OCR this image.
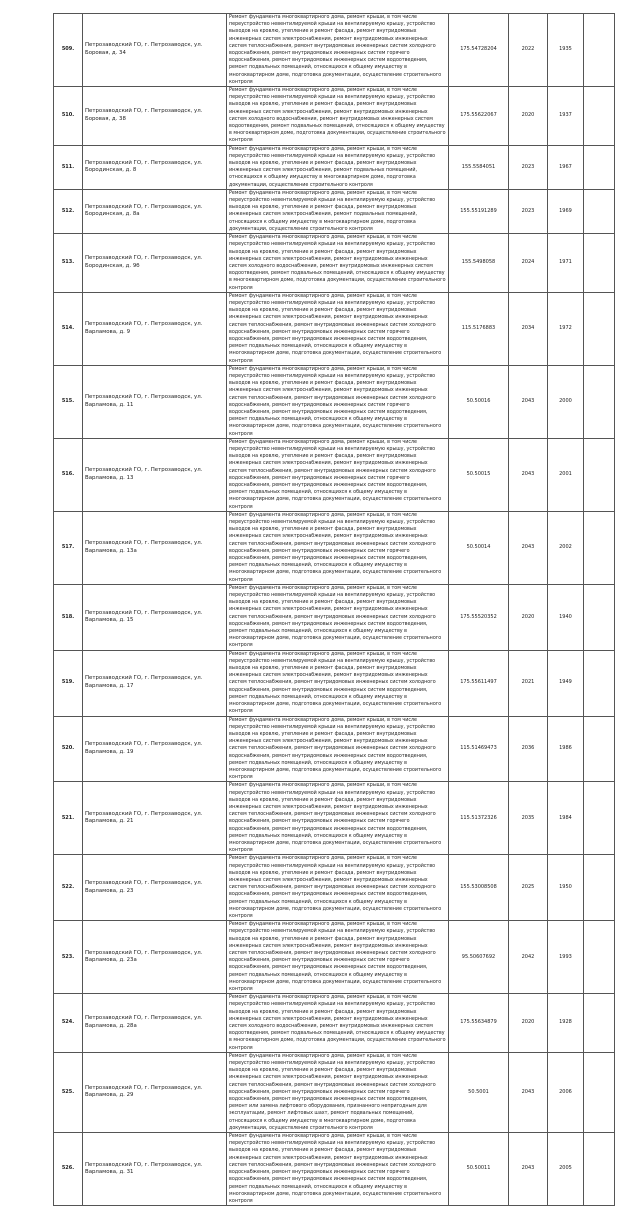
509.	Петрозаводский ГО, г. Петрозаводск, ул. Боровая, д. 34	Ремонт фундамента многоквартирного дома, ремонт крыши, в том числе переустройство невентилируемой крыши на вентилируемую крышу, устройство выходов на кровлю, утепление и ремонт фасада, ремонт внутридомовых инженерных систем электроснабжения, ремонт внутридомовых инженерных систем теплоснабжения, ремонт внутридомовых инженерных систем холодного водоснабжения, ремонт внутридомовых инженерных систем горячего водоснабжения, ремонт внутридомовых инженерных систем водоотведения, ремонт подвальных помещений, относящихся к общему имуществу в многоквартирном доме, подготовка документации, осуществление строительного контроля	175.54728204	2022	1935	
510.	Петрозаводский ГО, г. Петрозаводск, ул. Боровая, д. 38	Ремонт фундамента многоквартирного дома, ремонт крыши, в том числе переустройство невентилируемой крыши на вентилируемую крышу, устройство выходов на кровлю, утепление и ремонт фасада, ремонт внутридомовых инженерных систем электроснабжения, ремонт внутридомовых инженерных систем холодного водоснабжения, ремонт внутридомовых инженерных систем водоотведения, ремонт подвальных помещений, относящихся к общему имуществу в многоквартирном доме, подготовка документации, осуществление строительного контроля	175.55622067	2020	1937	
511.	Петрозаводский ГО, г. Петрозаводск, ул. Бородинская, д. 8	Ремонт фундамента многоквартирного дома, ремонт крыши, в том числе переустройство невентилируемой крыши на вентилируемую крышу, устройство выходов на кровлю, утепление и ремонт фасада, ремонт внутридомовых инженерных систем электроснабжения, ремонт подвальных помещений, относящихся к общему имуществу в многоквартирном доме, подготовка документации, осуществление строительного контроля	155.5584051	2023	1967	
512.	Петрозаводский ГО, г. Петрозаводск, ул. Бородинская, д. 8а	Ремонт фундамента многоквартирного дома, ремонт крыши, в том числе переустройство невентилируемой крыши на вентилируемую крышу, устройство выходов на кровлю, утепление и ремонт фасада, ремонт внутридомовых инженерных систем электроснабжения, ремонт подвальных помещений, относящихся к общему имуществу в многоквартирном доме, подготовка документации, осуществление строительного контроля	155.55191289	2023	1969	
513.	Петрозаводский ГО, г. Петрозаводск, ул. Бородинская, д. 9б	Ремонт фундамента многоквартирного дома, ремонт крыши, в том числе переустройство невентилируемой крыши на вентилируемую крышу, устройство выходов на кровлю, утепление и ремонт фасада, ремонт внутридомовых инженерных систем электроснабжения, ремонт внутридомовых инженерных систем холодного водоснабжения, ремонт внутридомовых инженерных систем водоотведения, ремонт подвальных помещений, относящихся к общему имуществу в многоквартирном доме, подготовка документации, осуществление строительного контроля	155.5498058	2024	1971	
514.	Петрозаводский ГО, г. Петрозаводск, ул. Варламова, д. 9	Ремонт фундамента многоквартирного дома, ремонт крыши, в том числе переустройство невентилируемой крыши на вентилируемую крышу, устройство выходов на кровлю, утепление и ремонт фасада, ремонт внутридомовых инженерных систем электроснабжения, ремонт внутридомовых инженерных систем теплоснабжения, ремонт внутридомовых инженерных систем холодного водоснабжения, ремонт внутридомовых инженерных систем горячего водоснабжения, ремонт внутридомовых инженерных систем водоотведения, ремонт подвальных помещений, относящихся к общему имуществу в многоквартирном доме, подготовка документации, осуществление строительного контроля	115.5176883	2034	1972	
515.	Петрозаводский ГО, г. Петрозаводск, ул. Варламова, д. 11	Ремонт фундамента многоквартирного дома, ремонт крыши, в том числе переустройство невентилируемой крыши на вентилируемую крышу, устройство выходов на кровлю, утепление и ремонт фасада, ремонт внутридомовых инженерных систем электроснабжения, ремонт внутридомовых инженерных систем теплоснабжения, ремонт внутридомовых инженерных систем холодного водоснабжения, ремонт внутридомовых инженерных систем горячего водоснабжения, ремонт внутридомовых инженерных систем водоотведения, ремонт подвальных помещений, относящихся к общему имуществу в многоквартирном доме, подготовка документации, осуществление строительного контроля	50.50016	2043	2000	
516.	Петрозаводский ГО, г. Петрозаводск, ул. Варламова, д. 13	Ремонт фундамента многоквартирного дома, ремонт крыши, в том числе переустройство невентилируемой крыши на вентилируемую крышу, устройство выходов на кровлю, утепление и ремонт фасада, ремонт внутридомовых инженерных систем электроснабжения, ремонт внутридомовых инженерных систем теплоснабжения, ремонт внутридомовых инженерных систем холодного водоснабжения, ремонт внутридомовых инженерных систем горячего водоснабжения, ремонт внутридомовых инженерных систем водоотведения, ремонт подвальных помещений, относящихся к общему имуществу в многоквартирном доме, подготовка документации, осуществление строительного контроля	50.50015	2043	2001	
517.	Петрозаводский ГО, г. Петрозаводск, ул. Варламова, д. 13а	Ремонт фундамента многоквартирного дома, ремонт крыши, в том числе переустройство невентилируемой крыши на вентилируемую крышу, устройство выходов на кровлю, утепление и ремонт фасада, ремонт внутридомовых инженерных систем электроснабжения, ремонт внутридомовых инженерных систем теплоснабжения, ремонт внутридомовых инженерных систем холодного водоснабжения, ремонт внутридомовых инженерных систем горячего водоснабжения, ремонт внутридомовых инженерных систем водоотведения, ремонт подвальных помещений, относящихся к общему имуществу в многоквартирном доме, подготовка документации, осуществление строительного контроля	50.50014	2043	2002	
518.	Петрозаводский ГО, г. Петрозаводск, ул. Варламова, д. 15	Ремонт фундамента многоквартирного дома, ремонт крыши, в том числе переустройство невентилируемой крыши на вентилируемую крышу, устройство выходов на кровлю, утепление и ремонт фасада, ремонт внутридомовых инженерных систем электроснабжения, ремонт внутридомовых инженерных систем теплоснабжения, ремонт внутридомовых инженерных систем холодного водоснабжения, ремонт внутридомовых инженерных систем водоотведения, ремонт подвальных помещений, относящихся к общему имуществу в многоквартирном доме, подготовка документации, осуществление строительного контроля	175.55520352	2020	1940	
519.	Петрозаводский ГО, г. Петрозаводск, ул. Варламова, д. 17	Ремонт фундамента многоквартирного дома, ремонт крыши, в том числе переустройство невентилируемой крыши на вентилируемую крышу, устройство выходов на кровлю, утепление и ремонт фасада, ремонт внутридомовых инженерных систем электроснабжения, ремонт внутридомовых инженерных систем теплоснабжения, ремонт внутридомовых инженерных систем холодного водоснабжения, ремонт внутридомовых инженерных систем водоотведения, ремонт подвальных помещений, относящихся к общему имуществу в многоквартирном доме, подготовка документации, осуществление строительного контроля	175.55611497	2021	1949	
520.	Петрозаводский ГО, г. Петрозаводск, ул. Варламова, д. 19	Ремонт фундамента многоквартирного дома, ремонт крыши, в том числе переустройство невентилируемой крыши на вентилируемую крышу, устройство выходов на кровлю, утепление и ремонт фасада, ремонт внутридомовых инженерных систем электроснабжения, ремонт внутридомовых инженерных систем теплоснабжения, ремонт внутридомовых инженерных систем холодного водоснабжения, ремонт внутридомовых инженерных систем водоотведения, ремонт подвальных помещений, относящихся к общему имуществу в многоквартирном доме, подготовка документации, осуществление строительного контроля	115.51469473	2036	1986	
521.	Петрозаводский ГО, г. Петрозаводск, ул. Варламова, д. 21	Ремонт фундамента многоквартирного дома, ремонт крыши, в том числе переустройство невентилируемой крыши на вентилируемую крышу, устройство выходов на кровлю, утепление и ремонт фасада, ремонт внутридомовых инженерных систем электроснабжения, ремонт внутридомовых инженерных систем теплоснабжения, ремонт внутридомовых инженерных систем холодного водоснабжения, ремонт внутридомовых инженерных систем горячего водоснабжения, ремонт внутридомовых инженерных систем водоотведения, ремонт подвальных помещений, относящихся к общему имуществу в многоквартирном доме, подготовка документации, осуществление строительного контроля	115.51372326	2035	1984	
522.	Петрозаводский ГО, г. Петрозаводск, ул. Варламова, д. 23	Ремонт фундамента многоквартирного дома, ремонт крыши, в том числе переустройство невентилируемой крыши на вентилируемую крышу, устройство выходов на кровлю, утепление и ремонт фасада, ремонт внутридомовых инженерных систем электроснабжения, ремонт внутридомовых инженерных систем теплоснабжения, ремонт внутридомовых инженерных систем холодного водоснабжения, ремонт внутридомовых инженерных систем водоотведения, ремонт подвальных помещений, относящихся к общему имуществу в многоквартирном доме, подготовка документации, осуществление строительного контроля	155.53008508	2025	1950	
523.	Петрозаводский ГО, г. Петрозаводск, ул. Варламова, д. 23а	Ремонт фундамента многоквартирного дома, ремонт крыши, в том числе переустройство невентилируемой крыши на вентилируемую крышу, устройство выходов на кровлю, утепление и ремонт фасада, ремонт внутридомовых инженерных систем электроснабжения, ремонт внутридомовых инженерных систем теплоснабжения, ремонт внутридомовых инженерных систем холодного водоснабжения, ремонт внутридомовых инженерных систем горячего водоснабжения, ремонт внутридомовых инженерных систем водоотведения, ремонт подвальных помещений, относящихся к общему имуществу в многоквартирном доме, подготовка документации, осуществление строительного контроля	95.50607692	2042	1993	
524.	Петрозаводский ГО, г. Петрозаводск, ул. Варламова, д. 28а	Ремонт фундамента многоквартирного дома, ремонт крыши, в том числе переустройство невентилируемой крыши на вентилируемую крышу, устройство выходов на кровлю, утепление и ремонт фасада, ремонт внутридомовых инженерных систем электроснабжения, ремонт внутридомовых инженерных систем холодного водоснабжения, ремонт внутридомовых инженерных систем водоотведения, ремонт подвальных помещений, относящихся к общему имуществу в многоквартирном доме, подготовка документации, осуществление строительного контроля	175.55634879	2020	1928	
525.	Петрозаводский ГО, г. Петрозаводск, ул. Варламова, д. 29	Ремонт фундамента многоквартирного дома, ремонт крыши, в том числе переустройство невентилируемой крыши на вентилируемую крышу, устройство выходов на кровлю, утепление и ремонт фасада, ремонт внутридомовых инженерных систем электроснабжения, ремонт внутридомовых инженерных систем теплоснабжения, ремонт внутридомовых инженерных систем холодного водоснабжения, ремонт внутридомовых инженерных систем горячего водоснабжения, ремонт внутридомовых инженерных систем водоотведения, ремонт или замена лифтового оборудования, признанного непригодным для эксплуатации, ремонт лифтовых шахт, ремонт подвальных помещений, относящихся к общему имуществу в многоквартирном доме, подготовка документации, осуществление строительного контроля	50.5001	2043	2006	
526.	Петрозаводский ГО, г. Петрозаводск, ул. Варламова, д. 31	Ремонт фундамента многоквартирного дома, ремонт крыши, в том числе переустройство невентилируемой крыши на вентилируемую крышу, устройство выходов на кровлю, утепление и ремонт фасада, ремонт внутридомовых инженерных систем электроснабжения, ремонт внутридомовых инженерных систем теплоснабжения, ремонт внутридомовых инженерных систем холодного водоснабжения, ремонт внутридомовых инженерных систем горячего водоснабжения, ремонт внутридомовых инженерных систем водоотведения, ремонт подвальных помещений, относящихся к общему имуществу в многоквартирном доме, подготовка документации, осуществление строительного контроля	50.50011	2043	2005	
